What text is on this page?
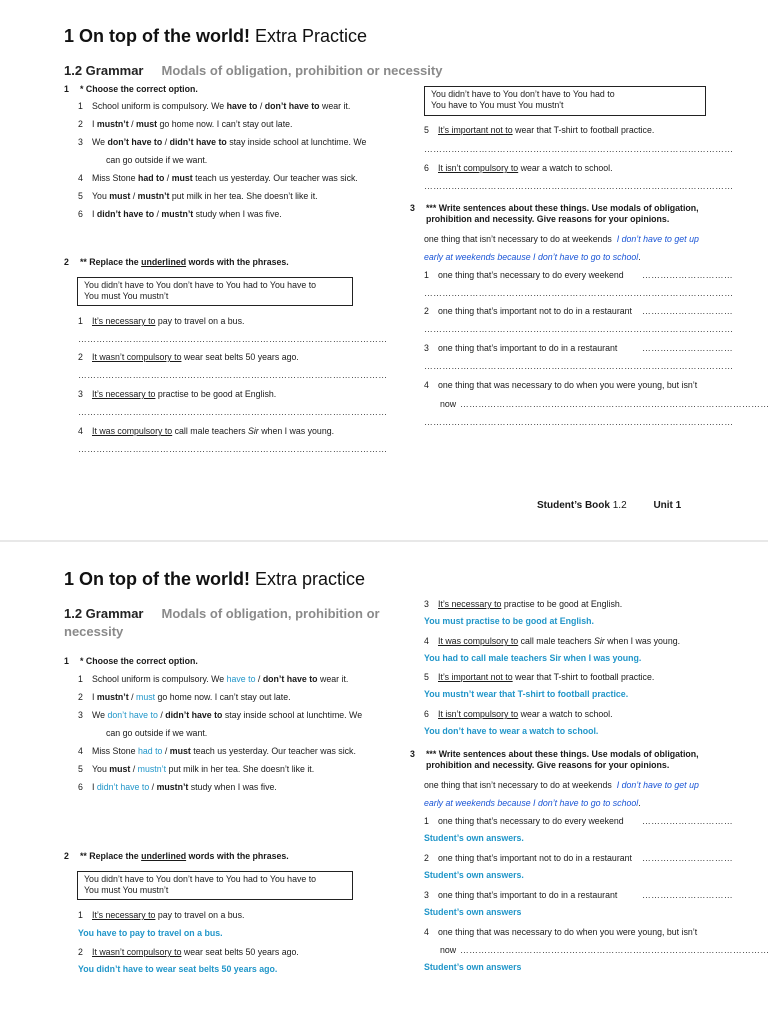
1 On top of the world! Extra Practice
1.2 Grammar Modals of obligation, prohibition or necessity
1 * Choose the correct option.
1 School uniform is compulsory. We have to / don’t have to wear it.
2 I mustn’t / must go home now. I can’t stay out late.
3 We don’t have to / didn’t have to stay inside school at lunchtime. We
can go outside if we want.
4 Miss Stone had to / must teach us yesterday. Our teacher was sick.
5 You must / mustn’t put milk in her tea. She doesn’t like it.
6 I didn’t have to / mustn’t study when I was five.
2 ** Replace the underlined words with the phrases.
You didn’t have to You don’t have to You had to You have to
You must You mustn’t
1 It’s necessary to pay to travel on a bus.
…………………………………………………………………………………………
2 It wasn’t compulsory to wear seat belts 50 years ago.
…………………………………………………………………………………………
3 It’s necessary to practise to be good at English.
…………………………………………………………………………………………
4 It was compulsory to call male teachers Sir when I was young.
…………………………………………………………………………………………
You didn’t have to You don’t have to You had to
You have to You must You mustn't
5 It’s important not to wear that T-shirt to football practice.
…………………………………………………………………………………………
6 It isn’t compulsory to wear a watch to school.
…………………………………………………………………………………………
3 *** Write sentences about these things. Use modals of obligation,
prohibition and necessity. Give reasons for your opinions.
one thing that isn’t necessary to do at weekends I don’t have to get up
early at weekends because I don’t have to go to school.
1 one thing that’s necessary to do every weekend …………………………
…………………………………………………………………………………………
2 one thing that’s important not to do in a restaurant …………………………
…………………………………………………………………………………………
3 one thing that’s important to do in a restaurant	…………………………
…………………………………………………………………………………………
4 one thing that was necessary to do when you were young, but isn’t
now …………………………………………………………………………………………
…………………………………………………………………………………………
Student’s Book 1.2	Unit 1
1 On top of the world! Extra practice
1.2 Grammar Modals of obligation, prohibition or
necessity
1 * Choose the correct option.
1 School uniform is compulsory. We have to / don’t have to wear it.
2 I mustn’t / must go home now. I can’t stay out late.
3 We don’t have to / didn’t have to stay inside school at lunchtime. We
can go outside if we want.
4 Miss Stone had to / must teach us yesterday. Our teacher was sick.
5 You must / mustn’t put milk in her tea. She doesn’t like it.
6 I didn’t have to / mustn’t study when I was five.
2 ** Replace the underlined words with the phrases.
You didn’t have to You don’t have to You had to You have to
You must You mustn’t
1 It’s necessary to pay to travel on a bus.
You have to pay to travel on a bus.
2 It wasn’t compulsory to wear seat belts 50 years ago.
You didn’t have to wear seat belts 50 years ago.
3 It’s necessary to practise to be good at English.
You must practise to be good at English.
4 It was compulsory to call male teachers Sir when I was young.
You had to call male teachers Sir when I was young.
5 It’s important not to wear that T-shirt to football practice.
You mustn’t wear that T-shirt to football practice.
6 It isn’t compulsory to wear a watch to school.
You don’t have to wear a watch to school.
3 *** Write sentences about these things. Use modals of obligation,
prohibition and necessity. Give reasons for your opinions.
one thing that isn’t necessary to do at weekends I don’t have to get up
early at weekends because I don’t have to go to school.
1 one thing that’s necessary to do every weekend …………………………
Student’s own answers.
2 one thing that’s important not to do in a restaurant …………………………
Student’s own answers.
3 one thing that’s important to do in a restaurant	…………………………
Student’s own answers
4 one thing that was necessary to do when you were young, but isn’t
Student’s own answers
now …………………………………………………………………………………………
